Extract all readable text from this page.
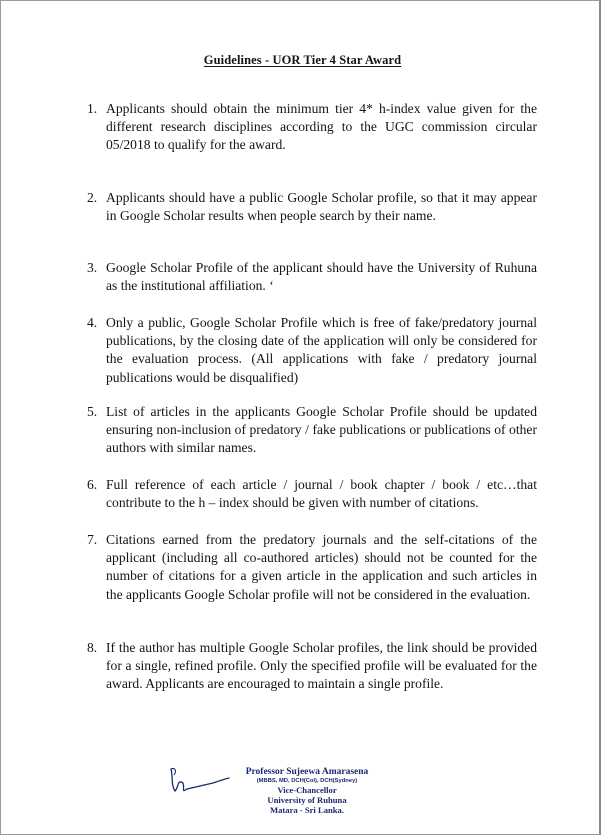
Guidelines - UOR Tier 4 Star Award
1. Applicants should obtain the minimum tier 4* h-index value given for the different research disciplines according to the UGC commission circular 05/2018 to qualify for the award.
2. Applicants should have a public Google Scholar profile, so that it may appear in Google Scholar results when people search by their name.
3. Google Scholar Profile of the applicant should have the University of Ruhuna as the institutional affiliation. ‘
4. Only a public, Google Scholar Profile which is free of fake/predatory journal publications, by the closing date of the application will only be considered for the evaluation process. (All applications with fake / predatory journal publications would be disqualified)
5. List of articles in the applicants Google Scholar Profile should be updated ensuring non-inclusion of predatory / fake publications or publications of other authors with similar names.
6. Full reference of each article / journal / book chapter / book / etc…that contribute to the h – index should be given with number of citations.
7. Citations earned from the predatory journals and the self-citations of the applicant (including all co-authored articles) should not be counted for the number of citations for a given article in the application and such articles in the applicants Google Scholar profile will not be considered in the evaluation.
8. If the author has multiple Google Scholar profiles, the link should be provided for a single, refined profile. Only the specified profile will be evaluated for the award. Applicants are encouraged to maintain a single profile.
Professor Sujeewa Amarasena
(MBBS, MD, DCH(Col), DCH(Sydney)
Vice-Chancellor
University of Ruhuna
Matara - Sri Lanka.
